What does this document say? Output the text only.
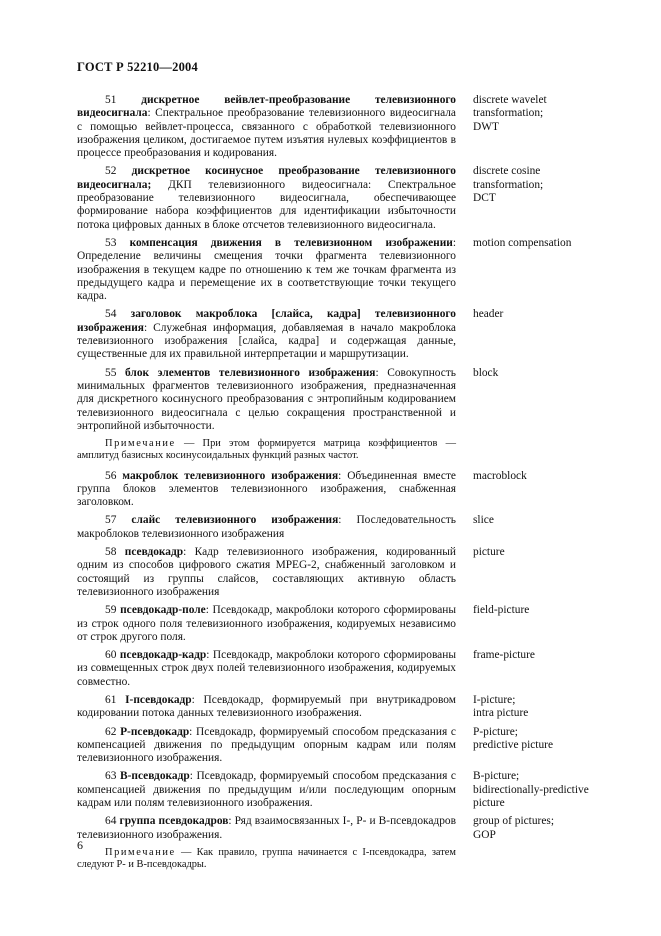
ГОСТ Р 52210—2004
51 дискретное вейвлет-преобразование телевизионного видеосигнала: Спектральное преобразование телевизионного видеосигнала с помощью вейвлет-процесса, связанного с обработкой телевизионного изображения целиком, достигаемое путем изъятия нулевых коэффициентов в процессе преобразования и кодирования.
discrete wavelet
transformation;
DWT
52 дискретное косинусное преобразование телевизионного видеосигнала; ДКП телевизионного видеосигнала: Спектральное преобразование телевизионного видеосигнала, обеспечивающее формирование набора коэффициентов для идентификации избыточности потока цифровых данных в блоке отсчетов телевизионного видеосигнала.
discrete cosine
transformation;
DCT
53 компенсация движения в телевизионном изображении: Определение величины смещения точки фрагмента телевизионного изображения в текущем кадре по отношению к тем же точкам фрагмента из предыдущего кадра и перемещение их в соответствующие точки текущего кадра.
motion compensation
54 заголовок макроблока [слайса, кадра] телевизионного изображения: Служебная информация, добавляемая в начало макроблока телевизионного изображения [слайса, кадра] и содержащая данные, существенные для их правильной интерпретации и маршрутизации.
header
55 блок элементов телевизионного изображения: Совокупность минимальных фрагментов телевизионного изображения, предназначенная для дискретного косинусного преобразования с энтропийным кодированием телевизионного видеосигнала с целью сокращения пространственной и энтропийной избыточности.
block
Примечание — При этом формируется матрица коэффициентов — амплитуд базисных косинусоидальных функций разных частот.
56 макроблок телевизионного изображения: Объединенная вместе группа блоков элементов телевизионного изображения, снабженная заголовком.
macroblock
57 слайс телевизионного изображения: Последовательность макроблоков телевизионного изображения
slice
58 псевдокадр: Кадр телевизионного изображения, кодированный одним из способов цифрового сжатия MPEG-2, снабженный заголовком и состоящий из группы слайсов, составляющих активную область телевизионного изображения
picture
59 псевдокадр-поле: Псевдокадр, макроблоки которого сформированы из строк одного поля телевизионного изображения, кодируемых независимо от строк другого поля.
field-picture
60 псевдокадр-кадр: Псевдокадр, макроблоки которого сформированы из совмещенных строк двух полей телевизионного изображения, кодируемых совместно.
frame-picture
61 I-псевдокадр: Псевдокадр, формируемый при внутрикадровом кодировании потока данных телевизионного изображения.
I-picture;
intra picture
62 P-псевдокадр: Псевдокадр, формируемый способом предсказания с компенсацией движения по предыдущим опорным кадрам или полям телевизионного изображения.
P-picture;
predictive picture
63 B-псевдокадр: Псевдокадр, формируемый способом предсказания с компенсацией движения по предыдущим и/или последующим опорным кадрам или полям телевизионного изображения.
B-picture;
bidirectionally-predictive
picture
64 группа псевдокадров: Ряд взаимосвязанных I-, P- и B-псевдокадров телевизионного изображения.
group of pictures;
GOP
Примечание — Как правило, группа начинается с I-псевдокадра, затем следуют P- и B-псевдокадры.
6
